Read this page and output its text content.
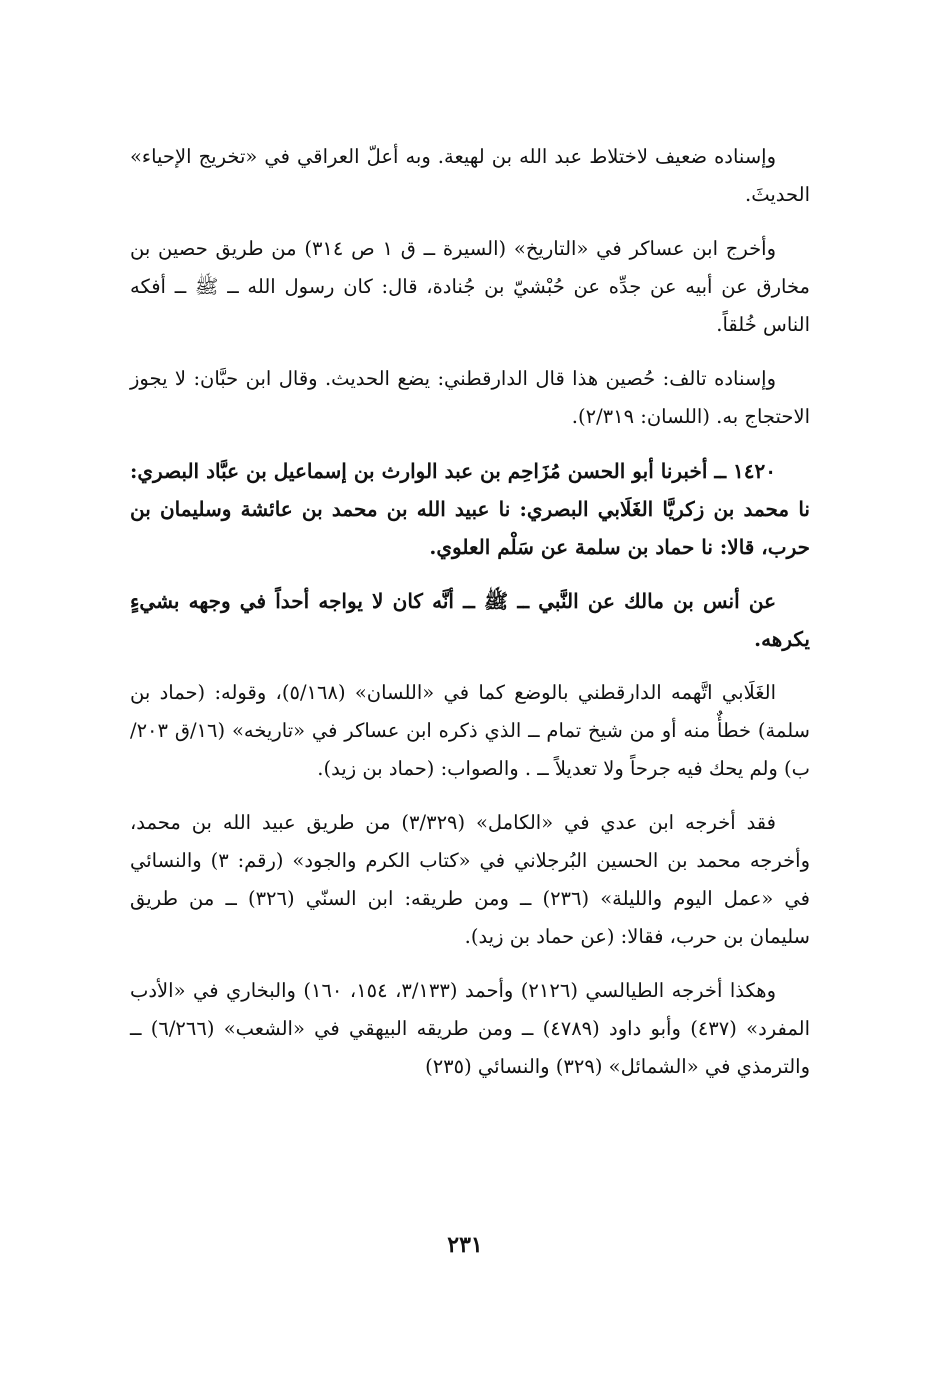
وإسناده ضعيف لاختلاط عبد الله بن لهيعة. وبه أعلّ العراقي في «تخريج الإحياء» الحديثَ.

وأخرج ابن عساكر في «التاريخ» (السيرة ــ ق ١ ص ٣١٤) من طريق حصين بن مخارق عن أبيه عن جدِّه عن حُبْشيّ بن جُنادة، قال: كان رسول الله ــ ﷺ ــ أفكه الناس خُلقاً.

وإسناده تالف: حُصين هذا قال الدارقطني: يضع الحديث. وقال ابن حبَّان: لا يجوز الاحتجاج به. (اللسان: ٢/٣١٩).

١٤٢٠ ــ أخبرنا أبو الحسن مُزَاحِم بن عبد الوارث بن إسماعيل بن عبَّاد البصري: نا محمد بن زكريَّا الغَلَابي البصري: نا عبيد الله بن محمد بن عائشة وسليمان بن حرب، قالا: نا حماد بن سلمة عن سَلْم العلوي.

عن أنس بن مالك عن النَّبي ــ ﷺ ــ أنَّه كان لا يواجه أحداً في وجهه بشيءٍ يكرهه.

الغَلَابي اتَّهمه الدارقطني بالوضع كما في «اللسان» (٥/١٦٨)، وقوله: (حماد بن سلمة) خطأٌ منه أو من شيخ تمام ــ الذي ذكره ابن عساكر في «تاريخه» (١٦/ق ٢٠٣/ب) ولم يحك فيه جرحاً ولا تعديلاً ــ . والصواب: (حماد بن زيد).

فقد أخرجه ابن عدي في «الكامل» (٣/٣٢٩) من طريق عبيد الله بن محمد، وأخرجه محمد بن الحسين البُرجلاني في «كتاب الكرم والجود» (رقم: ٣) والنسائي في «عمل اليوم والليلة» (٢٣٦) ــ ومن طريقه: ابن السنّي (٣٢٦) ــ من طريق سليمان بن حرب، فقالا: (عن حماد بن زيد).

وهكذا أخرجه الطيالسي (٢١٢٦) وأحمد (٣/١٣٣، ١٥٤، ١٦٠) والبخاري في «الأدب المفرد» (٤٣٧) وأبو داود (٤٧٨٩) ــ ومن طريقه البيهقي في «الشعب» (٦/٢٦٦) ــ والترمذي في «الشمائل» (٣٢٩) والنسائي (٢٣٥)

٢٣١
